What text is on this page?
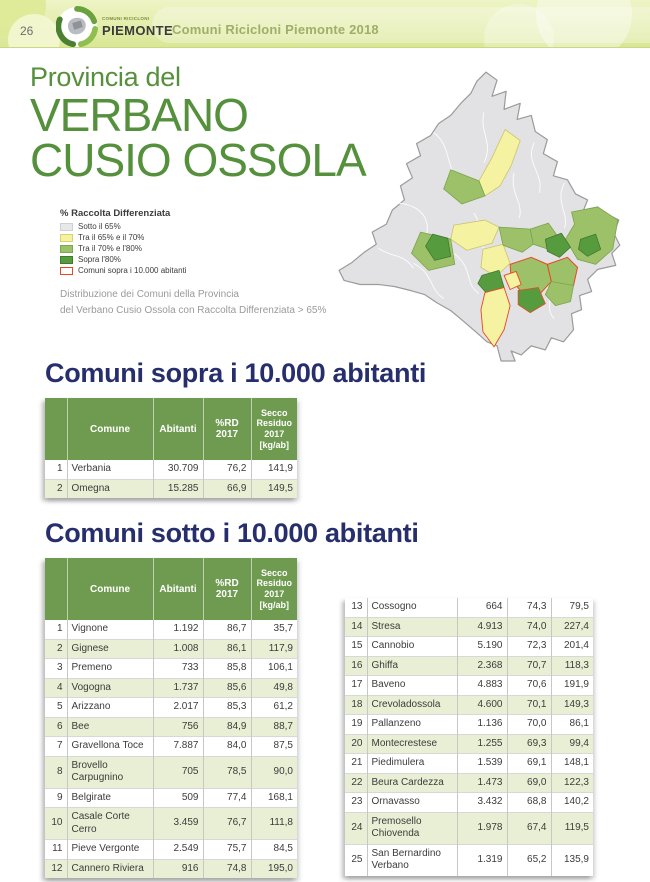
26	Comuni Ricicloni Piemonte 2018
COMUNI RICICLONI
PIEMONTE
Provincia del
VERBANO
CUSIO OSSOLA
% Raccolta Differenziata
Sotto il 65%
Tra il 65% e il 70%
Tra il 70% e l'80%
Sopra l'80%
Comuni sopra i 10.000 abitanti
Distribuzione dei Comuni della Provincia
del Verbano Cusio Ossola con Raccolta Differenziata > 65%
Comuni sopra i 10.000 abitanti
	Comune	Abitanti	%RD 2017	Secco Residuo 2017 [kg/ab]
1	Verbania	30.709	76,2	141,9
2	Omegna	15.285	66,9	149,5
Comuni sotto i 10.000 abitanti
	Comune	Abitanti	%RD 2017	Secco Residuo 2017 [kg/ab]
1	Vignone	1.192	86,7	35,7
2	Gignese	1.008	86,1	117,9
3	Premeno	733	85,8	106,1
4	Vogogna	1.737	85,6	49,8
5	Arizzano	2.017	85,3	61,2
6	Bee	756	84,9	88,7
7	Gravellona Toce	7.887	84,0	87,5
8	Brovello Carpugnino	705	78,5	90,0
9	Belgirate	509	77,4	168,1
10	Casale Corte Cerro	3.459	76,7	111,8
11	Pieve Vergonte	2.549	75,7	84,5
12	Cannero Riviera	916	74,8	195,0
13	Cossogno	664	74,3	79,5
14	Stresa	4.913	74,0	227,4
15	Cannobio	5.190	72,3	201,4
16	Ghiffa	2.368	70,7	118,3
17	Baveno	4.883	70,6	191,9
18	Crevoladossola	4.600	70,1	149,3
19	Pallanzeno	1.136	70,0	86,1
20	Montecrestese	1.255	69,3	99,4
21	Piedimulera	1.539	69,1	148,1
22	Beura Cardezza	1.473	69,0	122,3
23	Ornavasso	3.432	68,8	140,2
24	Premosello Chiovenda	1.978	67,4	119,5
25	San Bernardino Verbano	1.319	65,2	135,9
